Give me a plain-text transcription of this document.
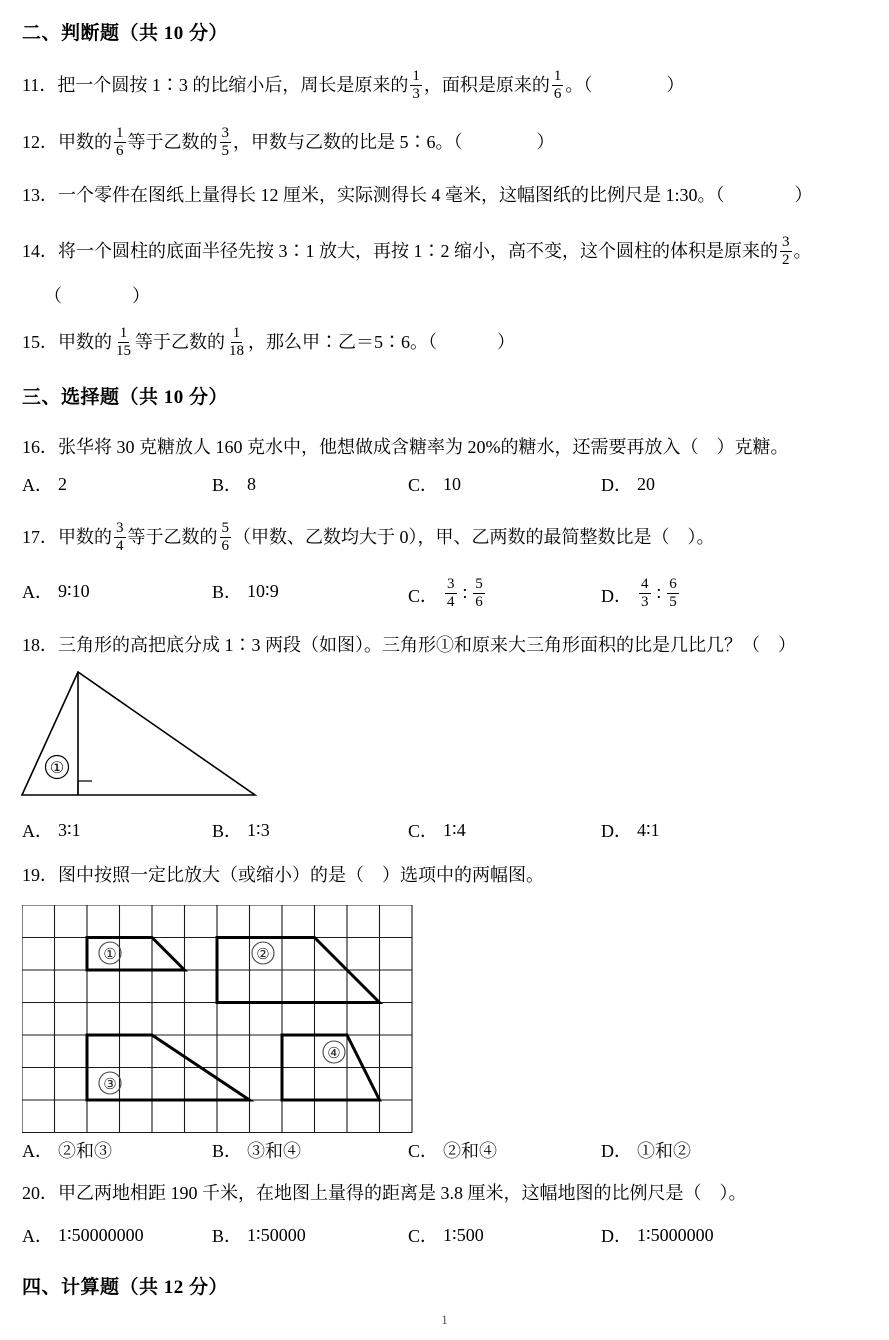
二、判断题（共 10 分）
11．把一个圆按 1∶3 的比缩小后，周长是原来的 $\frac{1}{3}$ ，面积是原来的 $\frac{1}{6}$ 。（	）
12．甲数的 $\frac{1}{6}$ 等于乙数的 $\frac{3}{5}$ ，甲数与乙数的比是 5∶6。（	）
13．一个零件在图纸上量得长 12 厘米，实际测得长 4 毫米，这幅图纸的比例尺是 1:30。（	）
14．将一个圆柱的底面半径先按 3∶1 放大，再按 1∶2 缩小，高不变，这个圆柱的体积是原来的 $\frac{3}{2}$ 。
（	）
15．甲数的 $\frac{1}{15}$ 等于乙数的 $\frac{1}{18}$ ，那么甲∶乙＝5∶6。（	）
三、选择题（共 10 分）
16．张华将 30 克糖放人 160 克水中，他想做成含糖率为 20%的糖水，还需要再放入（　）克糖。
A． 2	B． 8	C． 10	D． 20
17．甲数的 $\frac{3}{4}$ 等于乙数的 $\frac{5}{6}$ （甲数、乙数均大于 0），甲、乙两数的最简整数比是（　）。
A． 9∶10	B． 10∶9	C． $\frac{3}{4}$ ∶ $\frac{5}{6}$	D． $\frac{4}{3}$ ∶ $\frac{6}{5}$
18．三角形的高把底分成 1∶3 两段（如图）。三角形①和原来大三角形面积的比是几比几？（　）
①
A． 3∶1	B． 1∶3	C． 1∶4	D． 4∶1
19．图中按照一定比放大（或缩小）的是（　）选项中的两幅图。
①	②
③
④
A． ②和③	B． ③和④	C． ②和④	D． ①和②
20．甲乙两地相距 190 千米，在地图上量得的距离是 3.8 厘米，这幅地图的比例尺是（　）。
A． 1∶50000000	B． 1∶50000	C． 1∶500	D． 1∶5000000
四、计算题（共 12 分）
1
